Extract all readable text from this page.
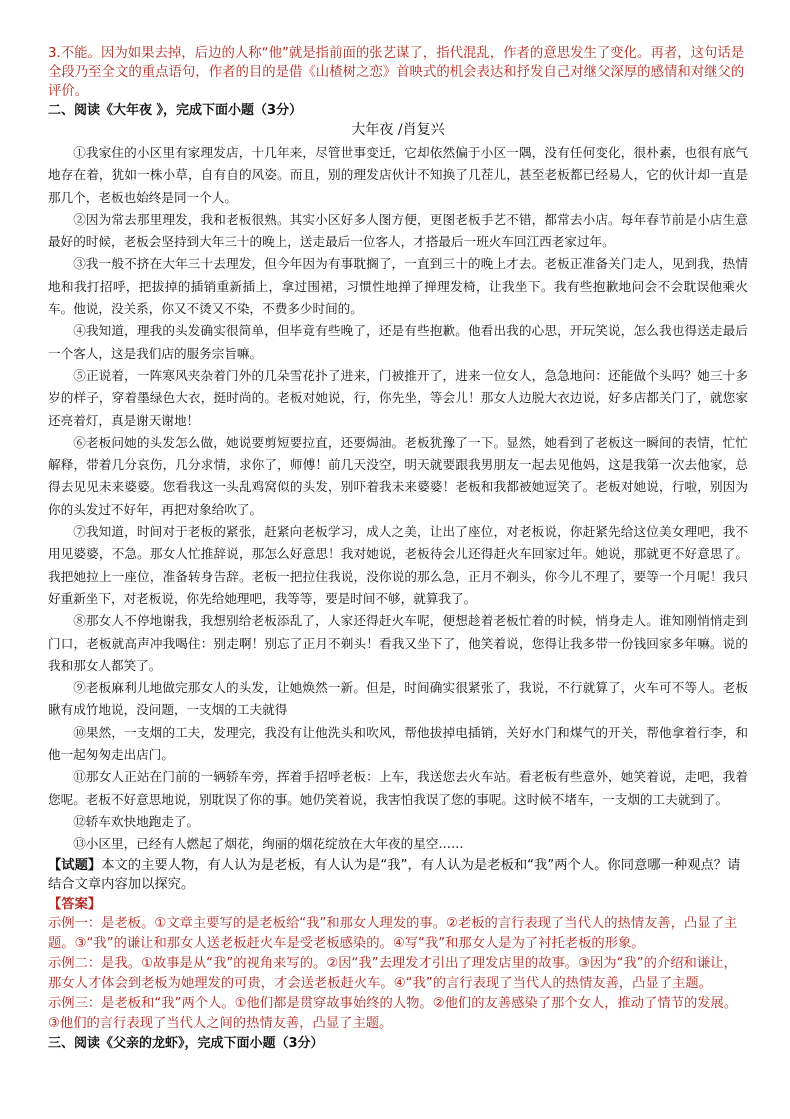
3.不能。因为如果去掉，后边的人称“他”就是指前面的张艺谋了，指代混乱，作者的意思发生了变化。再者，这句话是全段乃至全文的重点语句，作者的目的是借《山楂树之恋》首映式的机会表达和抒发自己对继父深厚的感情和对继父的评价。

二、阅读《大年夜 》，完成下面小题（3分）

大年夜 /肖复兴

①我家住的小区里有家理发店，十几年来，尽管世事变迁，它却依然偏于小区一隅，没有任何变化，很朴素，也很有底气地存在着，犹如一株小草，自有自的风姿。而且，别的理发店伙计不知换了几茬儿，甚至老板都已经易人，它的伙计却一直是那几个，老板也始终是同一个人。

②因为常去那里理发，我和老板很熟。其实小区好多人图方便，更图老板手艺不错，都常去小店。每年春节前是小店生意最好的时候，老板会坚持到大年三十的晚上，送走最后一位客人，才搭最后一班火车回江西老家过年。

③我一般不挤在大年三十去理发，但今年因为有事耽搁了，一直到三十的晚上才去。老板正准备关门走人，见到我，热情地和我打招呼，把拔掉的插销重新插上，拿过围裙，习惯性地掸了掸理发椅，让我坐下。我有些抱歉地问会不会耽误他乘火车。他说，没关系，你又不烫又不染，不费多少时间的。

④我知道，理我的头发确实很简单，但毕竟有些晚了，还是有些抱歉。他看出我的心思，开玩笑说，怎么我也得送走最后一个客人，这是我们店的服务宗旨嘛。

⑤正说着，一阵寒风夹杂着门外的几朵雪花扑了进来，门被推开了，进来一位女人，急急地问：还能做个头吗？她三十多岁的样子，穿着墨绿色大衣，挺时尚的。老板对她说，行，你先坐，等会儿！那女人边脱大衣边说，好多店都关门了，就您家还亮着灯，真是谢天谢地！

⑥老板问她的头发怎么做，她说要剪短要拉直，还要焗油。老板犹豫了一下。显然，她看到了老板这一瞬间的表情，忙忙解释，带着几分哀伤，几分求情，求你了，师傅！前几天没空，明天就要跟我男朋友一起去见他妈，这是我第一次去他家，总得去见见未来婆婆。您看我这一头乱鸡窝似的头发，别吓着我未来婆婆！老板和我都被她逗笑了。老板对她说，行啦，别因为你的头发过不好年，再把对象给吹了。

⑦我知道，时间对于老板的紧张，赶紧向老板学习，成人之美，让出了座位，对老板说，你赶紧先给这位美女理吧，我不用见婆婆，不急。那女人忙推辞说，那怎么好意思！我对她说，老板待会儿还得赶火车回家过年。她说，那就更不好意思了。我把她拉上一座位，准备转身告辞。老板一把拉住我说，没你说的那么急，正月不剃头，你今儿不理了，要等一个月呢！我只好重新坐下，对老板说，你先给她理吧，我等等，要是时间不够，就算我了。

⑧那女人不停地谢我，我想别给老板添乱了，人家还得赶火车呢，便想趁着老板忙着的时候，悄身走人。谁知刚悄悄走到门口，老板就高声冲我喝住：别走啊！别忘了正月不剃头！看我又坐下了，他笑着说，您得让我多带一份钱回家多年嘛。说的我和那女人都笑了。

⑨老板麻利儿地做完那女人的头发，让她焕然一新。但是，时间确实很紧张了，我说，不行就算了，火车可不等人。老板瞅有成竹地说，没问题，一支烟的工夫就得

⑩果然，一支烟的工夫，发理完，我没有让他洗头和吹风，帮他拔掉电插销，关好水门和煤气的开关，帮他拿着行李，和他一起匆匆走出店门。

⑪那女人正站在门前的一辆轿车旁，挥着手招呼老板：上车，我送您去火车站。看老板有些意外，她笑着说，走吧，我着您呢。老板不好意思地说，别耽误了你的事。她仍笑着说，我害怕我误了您的事呢。这时候不堵车，一支烟的工夫就到了。

⑫轿车欢快地跑走了。

⑬小区里，已经有人燃起了烟花，绚丽的烟花绽放在大年夜的星空……

【试题】本文的主要人物，有人认为是老板，有人认为是“我”，有人认为是老板和“我”两个人。你同意哪一种观点？请结合文章内容加以探究。

【答案】

示例一：是老板。①文章主要写的是老板给“我”和那女人理发的事。②老板的言行表现了当代人的热情友善，凸显了主题。③“我”的谦让和那女人送老板赶火车是受老板感染的。④写“我”和那女人是为了衬托老板的形象。

示例二：是我。①故事是从“我”的视角来写的。②因“我”去理发才引出了理发店里的故事。③因为“我”的介绍和谦让，那女人才体会到老板为她理发的可贵，才会送老板赶火车。④“我”的言行表现了当代人的热情友善，凸显了主题。

示例三：是老板和“我”两个人。①他们都是贯穿故事始终的人物。②他们的友善感染了那个女人，推动了情节的发展。③他们的言行表现了当代人之间的热情友善，凸显了主题。

三、阅读《父亲的龙虾》，完成下面小题（3分）
